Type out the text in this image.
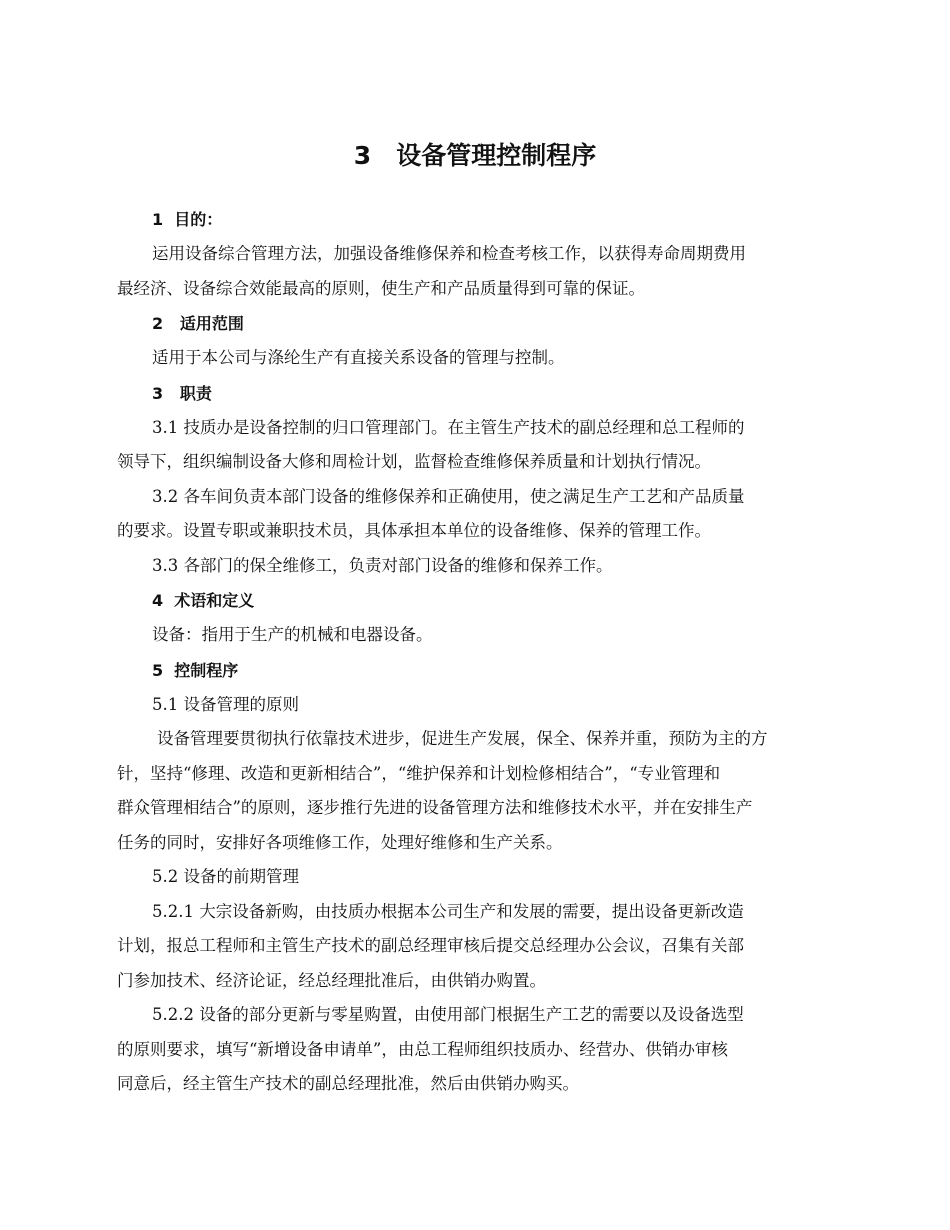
3　设备管理控制程序
1  目的：

运用设备综合管理方法，加强设备维修保养和检查考核工作，以获得寿命周期费用
最经济、设备综合效能最高的原则，使生产和产品质量得到可靠的保证。

2   适用范围

适用于本公司与涤纶生产有直接关系设备的管理与控制。

3   职责

3.1 技质办是设备控制的归口管理部门。在主管生产技术的副总经理和总工程师的
领导下，组织编制设备大修和周检计划，监督检查维修保养质量和计划执行情况。

3.2 各车间负责本部门设备的维修保养和正确使用，使之满足生产工艺和产品质量
的要求。设置专职或兼职技术员，具体承担本单位的设备维修、保养的管理工作。

3.3 各部门的保全维修工，负责对部门设备的维修和保养工作。

4  术语和定义

设备：指用于生产的机械和电器设备。

5  控制程序

5.1 设备管理的原则

设备管理要贯彻执行依靠技术进步，促进生产发展，保全、保养并重，预防为主的方
针，坚持“修理、改造和更新相结合”，“维护保养和计划检修相结合”，“专业管理和
群众管理相结合”的原则，逐步推行先进的设备管理方法和维修技术水平，并在安排生产
任务的同时，安排好各项维修工作，处理好维修和生产关系。

5.2 设备的前期管理

5.2.1 大宗设备新购，由技质办根据本公司生产和发展的需要，提出设备更新改造
计划，报总工程师和主管生产技术的副总经理审核后提交总经理办公会议，召集有关部
门参加技术、经济论证，经总经理批准后，由供销办购置。

5.2.2 设备的部分更新与零星购置，由使用部门根据生产工艺的需要以及设备选型
的原则要求，填写“新增设备申请单”，由总工程师组织技质办、经营办、供销办审核
同意后，经主管生产技术的副总经理批准，然后由供销办购买。
